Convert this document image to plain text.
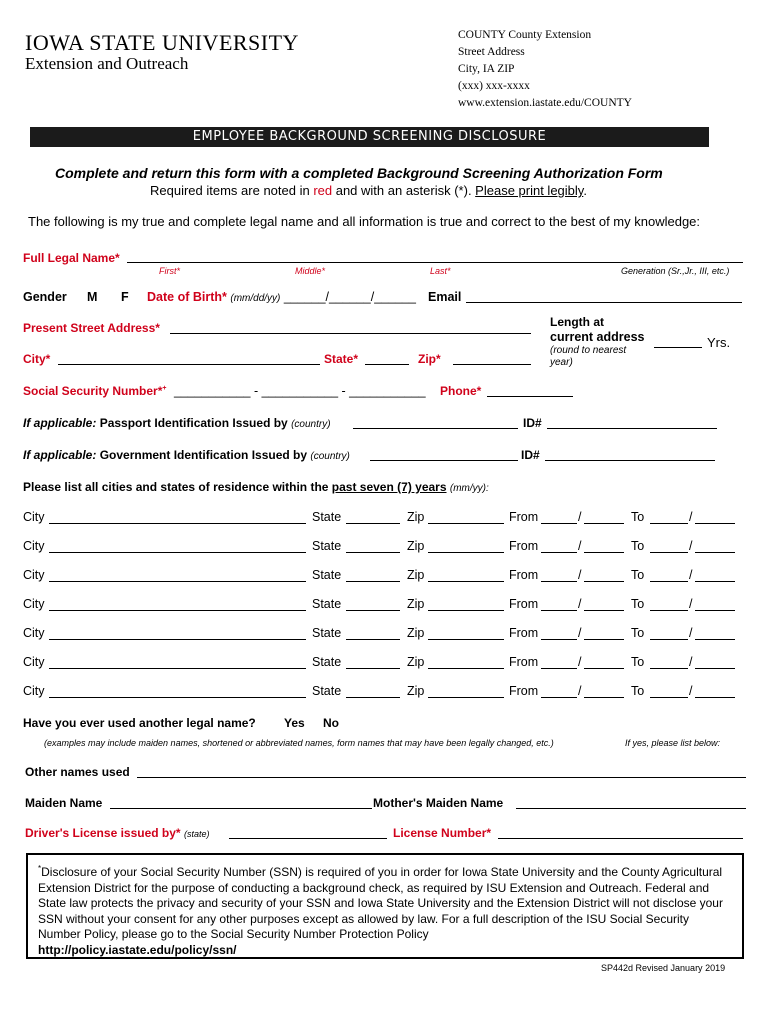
IOWA STATE UNIVERSITY
Extension and Outreach
COUNTY County Extension
Street Address
City, IA ZIP
(xxx) xxx-xxxx
www.extension.iastate.edu/COUNTY
EMPLOYEE BACKGROUND SCREENING DISCLOSURE
Complete and return this form with a completed Background Screening Authorization Form
Required items are noted in red and with an asterisk (*). Please print legibly.
The following is my true and complete legal name and all information is true and correct to the best of my knowledge:
Full Legal Name*
First*	Middle*	Last*	Generation (Sr.,Jr., III, etc.)
Gender M F Date of Birth* (mm/dd/yy) ______/______/______ Email
Present Street Address*
City*	State*	Zip*
Length at
current address
(round to nearest
year)
Yrs.
Social Security Number*+ ___________ - ___________ - ___________ Phone*
If applicable: Passport Identification Issued by (country)	ID#
If applicable: Government Identification Issued by (country)	ID#
Please list all cities and states of residence within the past seven (7) years (mm/yy):
City	State	Zip	From	/	To	/
City	State	Zip	From	/	To	/
City	State	Zip	From	/	To	/
City	State	Zip	From	/	To	/
City	State	Zip	From	/	To	/
City	State	Zip	From	/	To	/
City	State	Zip	From	/	To	/
Have you ever used another legal name? Yes No
(examples may include maiden names, shortened or abbreviated names, form names that may have been legally changed, etc.)	If yes, please list below:
Other names used
Maiden Name	Mother's Maiden Name
Driver's License issued by* (state)	License Number*
*Disclosure of your Social Security Number (SSN) is required of you in order for Iowa State University and the County Agricultural Extension District for the purpose of conducting a background check, as required by ISU Extension and Outreach. Federal and State law protects the privacy and security of your SSN and Iowa State University and the Extension District will not disclose your SSN without your consent for any other purposes except as allowed by law. For a full description of the ISU Social Security Number Policy, please go to the Social Security Number Protection Policy
http://policy.iastate.edu/policy/ssn/
SP442d Revised January 2019
